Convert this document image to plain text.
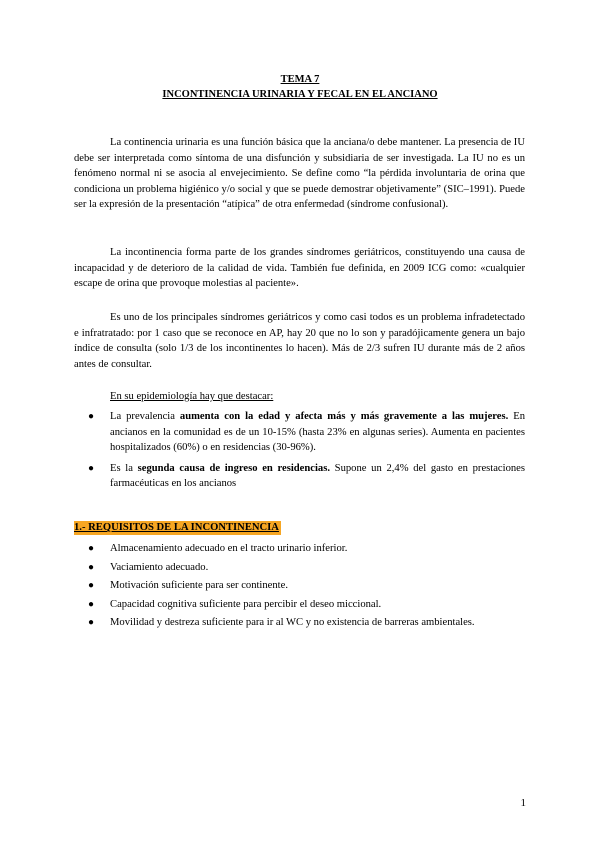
TEMA 7
INCONTINENCIA URINARIA Y FECAL EN EL ANCIANO

La continencia urinaria es una función básica que la anciana/o debe mantener. La presencia de IU debe ser interpretada como síntoma de una disfunción y subsidiaria de ser investigada. La IU no es un fenómeno normal ni se asocia al envejecimiento. Se define como “la pérdida involuntaria de orina que condiciona un problema higiénico y/o social y que se puede demostrar objetivamente” (SIC–1991). Puede ser la expresión de la presentación “atípica” de otra enfermedad (síndrome confusional).

La incontinencia forma parte de los grandes síndromes geriátricos, constituyendo una causa de incapacidad y de deterioro de la calidad de vida. También fue definida, en 2009 ICG como: «cualquier escape de orina que provoque molestias al paciente».

Es uno de los principales síndromes geriátricos y como casi todos es un problema infradetectado e infratratado: por 1 caso que se reconoce en AP, hay 20 que no lo son y paradójicamente genera un bajo índice de consulta (solo 1/3 de los incontinentes lo hacen). Más de 2/3 sufren IU durante más de 2 años antes de consultar.

En su epidemiología hay que destacar:
● La prevalencia aumenta con la edad y afecta más y más gravemente a las mujeres. En ancianos en la comunidad es de un 10-15% (hasta 23% en algunas series). Aumenta en pacientes hospitalizados (60%) o en residencias (30-96%).
● Es la segunda causa de ingreso en residencias. Supone un 2,4% del gasto en prestaciones farmacéuticas en los ancianos
1.- REQUISITOS DE LA INCONTINENCIA
● Almacenamiento adecuado en el tracto urinario inferior.
● Vaciamiento adecuado.
● Motivación suficiente para ser continente.
● Capacidad cognitiva suficiente para percibir el deseo miccional.
● Movilidad y destreza suficiente para ir al WC y no existencia de barreras ambientales.
1
